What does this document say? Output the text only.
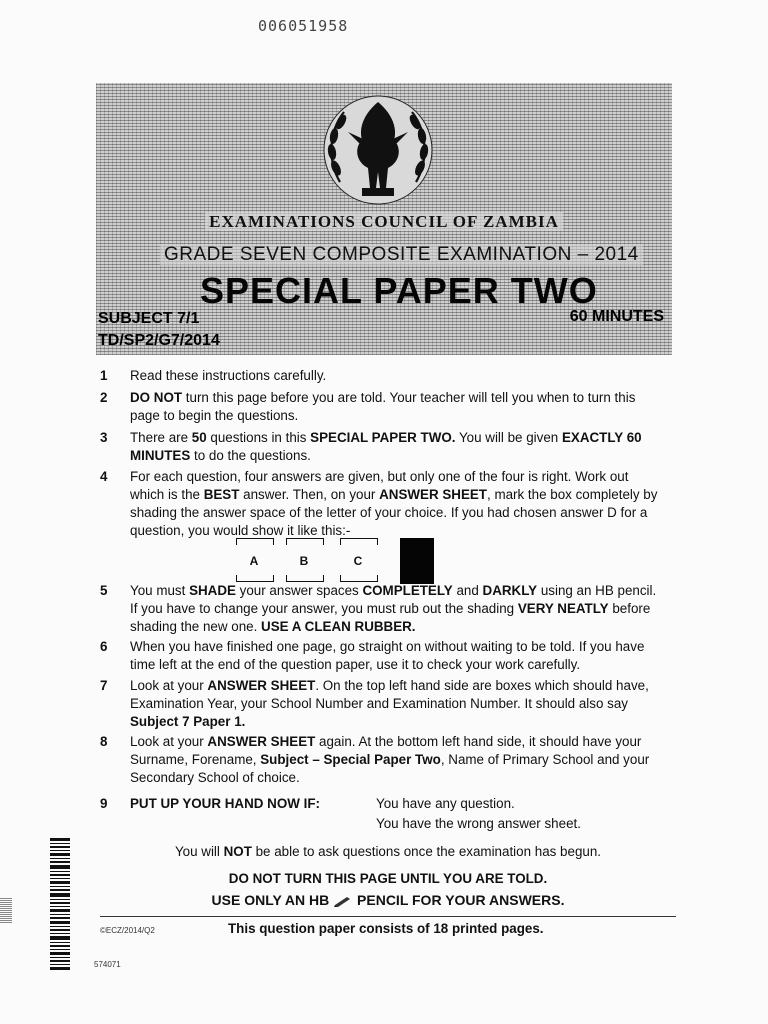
006051958
EXAMINATIONS COUNCIL OF ZAMBIA
GRADE SEVEN COMPOSITE EXAMINATION – 2014
SPECIAL PAPER TWO
SUBJECT 7/1	60 MINUTES
TD/SP2/G7/2014
1	Read these instructions carefully.
2	DO NOT turn this page before you are told. Your teacher will tell you when to turn this page to begin the questions.
3	There are 50 questions in this SPECIAL PAPER TWO. You will be given EXACTLY 60 MINUTES to do the questions.
4	For each question, four answers are given, but only one of the four is right. Work out which is the BEST answer. Then, on your ANSWER SHEET, mark the box completely by shading the answer space of the letter of your choice. If you had chosen answer D for a question, you would show it like this:-
A	B	C
5	You must SHADE your answer spaces COMPLETELY and DARKLY using an HB pencil. If you have to change your answer, you must rub out the shading VERY NEATLY before shading the new one. USE A CLEAN RUBBER.
6	When you have finished one page, go straight on without waiting to be told. If you have time left at the end of the question paper, use it to check your work carefully.
7	Look at your ANSWER SHEET. On the top left hand side are boxes which should have, Examination Year, your School Number and Examination Number. It should also say Subject 7 Paper 1.
8	Look at your ANSWER SHEET again. At the bottom left hand side, it should have your Surname, Forename, Subject – Special Paper Two, Name of Primary School and your Secondary School of choice.
9	PUT UP YOUR HAND NOW IF:	You have any question.
You have the wrong answer sheet.
You will NOT be able to ask questions once the examination has begun.
DO NOT TURN THIS PAGE UNTIL YOU ARE TOLD.
USE ONLY AN HB PENCIL FOR YOUR ANSWERS.
©ECZ/2014/Q2	This question paper consists of 18 printed pages.
574071
